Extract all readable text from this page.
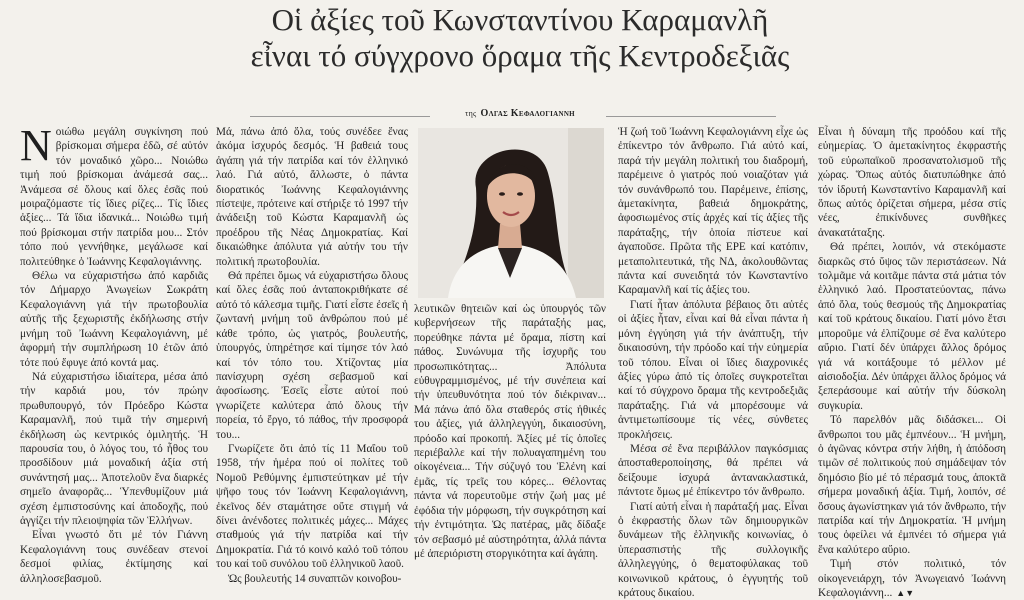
Οἱ ἀξίες τοῦ Κωνσταντίνου Καραμανλῆ
εἶναι τό σύγχρονο ὅραμα τῆς Κεντροδεξιᾶς
της Ολγας Κεφαλογιαννη

Νοιώθω μεγάλη συγκίνηση πού βρίσκομαι σήμερα ἐδῶ, σέ αὐτόν τόν μοναδικό χῶρο... Νοιώθω τιμή πού βρίσκομαι ἀνάμεσά σας... Ἀνάμεσα σέ ὅλους καί ὅλες ἐσᾶς πού μοιραζόμαστε τίς ἴδιες ρίζες... Τίς ἴδιες ἀξίες... Τά ἴδια ἰδανικά... Νοιώθω τιμή πού βρίσκομαι στήν πατρίδα μου... Στόν τόπο πού γεννήθηκε, μεγάλωσε καί πολιτεύθηκε ὁ Ἰωάννης Κεφαλογιάννης.

Θέλω να εὐχαριστήσω ἀπό καρδιᾶς τόν Δήμαρχο Ἀνωγείων Σωκράτη Κεφαλογιάννη γιά τήν πρωτοβουλία αὐτῆς τῆς ξεχωριστῆς ἐκδήλωσης στήν μνήμη τοῦ Ἰωάννη Κεφαλογιάννη, μέ ἀφορμή τήν συμπλήρωση 10 ἐτῶν ἀπό τότε πού ἔφυγε ἀπό κοντά μας.

Νά εὐχαριστήσω ἰδιαίτερα, μέσα ἀπό τήν καρδιά μου, τόν πρώην πρωθυπουργό, τόν Πρόεδρο Κώστα Καραμανλῆ, πού τιμᾶ τήν σημερινή ἐκδήλωση ὡς κεντρικός ὁμιλητής. Ἡ παρουσία του, ὁ λόγος του, τό ἦθος του προσδίδουν μιά μοναδική ἀξία στή συνάντησή μας... Ἀποτελοῦν ἕνα διαρκές σημεῖο ἀναφορᾶς... Ὑπενθυμίζουν μιά σχέση ἐμπιστοσύνης καί ἀποδοχῆς, πού ἀγγίζει τήν πλειοψηφία τῶν Ἑλλήνων.

Εἶναι γνωστό ὅτι μέ τόν Γιάννη Κεφαλογιάννη τους συνέδεαν στενοί δεσμοί φιλίας, ἐκτίμησης καί ἀλληλοσεβασμοῦ.

Μά, πάνω ἀπό ὅλα, τούς συνέδεε ἕνας ἀκόμα ἰσχυρός δεσμός. Ἡ βαθειά τους ἀγάπη γιά τήν πατρίδα καί τόν ἑλληνικό λαό. Γιά αὐτό, ἄλλωστε, ὁ πάντα διορατικός Ἰωάννης Κεφαλογιάννης πίστεψε, πρότεινε καί στήριξε τό 1997 τήν ἀνάδειξη τοῦ Κώστα Καραμανλῆ ὡς προέδρου τῆς Νέας Δημοκρατίας. Καί δικαιώθηκε ἀπόλυτα γιά αὐτήν του τήν πολιτική πρωτοβουλία.

Θά πρέπει ὅμως νά εὐχαριστήσω ὅλους καί ὅλες ἐσᾶς πού ἀνταποκριθήκατε σέ αὐτό τό κάλεσμα τιμῆς. Γιατί εἶστε ἐσεῖς ἡ ζωντανή μνήμη τοῦ ἀνθρώπου πού μέ κάθε τρόπο, ὡς γιατρός, βουλευτής, ὑπουργός, ὑπηρέτησε καί τίμησε τόν λαό καί τόν τόπο του. Χτίζοντας μία πανίσχυρη σχέση σεβασμοῦ καί ἀφοσίωσης. Ἐσεῖς εἶστε αὐτοί πού γνωρίζετε καλύτερα ἀπό ὅλους τήν πορεία, τό ἔργο, τό πάθος, τήν προσφορά του...

Γνωρίζετε ὅτι ἀπό τίς 11 Μαΐου τοῦ 1958, τήν ἡμέρα πού οἱ πολίτες τοῦ Νομοῦ Ρεθύμνης ἐμπιστεύτηκαν μέ τήν ψῆφο τους τόν Ἰωάννη Κεφαλογιάννη, ἐκεῖνος δέν σταμάτησε οὔτε στιγμή νά δίνει ἀνένδοτες πολιτικές μάχες... Μάχες σταθμούς γιά τήν πατρίδα καί τήν Δημοκρατία. Γιά τό κοινό καλό τοῦ τόπου του καί τοῦ συνόλου τοῦ ἑλληνικοῦ λαοῦ.

Ὡς βουλευτής 14 συναπτῶν κοινοβου-

λευτικῶν θητειῶν καί ὡς ὑπουργός τῶν κυβερνήσεων τῆς παράταξής μας, πορεύθηκε πάντα μέ ὅραμα, πίστη καί πάθος. Συνώνυμα τῆς ἰσχυρῆς του προσωπικότητας... Ἀπόλυτα εὐθυγραμμισμένος, μέ τήν συνέπεια καί τήν ὑπευθυνότητα πού τόν διέκριναν... Μά πάνω ἀπό ὅλα σταθερός στίς ἠθικές του ἀξίες, γιά ἀλληλεγγύη, δικαιοσύνη, πρόοδο καί προκοπή. Ἀξίες μέ τίς ὁποῖες περιέβαλλε καί τήν πολυαγαπημένη του οἰκογένεια... Τήν σύζυγό του Ἑλένη καί ἐμᾶς, τίς τρεῖς του κόρες... Θέλοντας πάντα νά πορευτοῦμε στήν ζωή μας μέ ἐφόδια τήν μόρφωση, τήν συγκρότηση καί τήν ἐντιμότητα. Ὡς πατέρας, μᾶς δίδαξε τόν σεβασμό μέ αὐστηρότητα, ἀλλά πάντα μέ ἀπεριόριστη στοργικότητα καί ἀγάπη.

Ἡ ζωή τοῦ Ἰωάννη Κεφαλογιάννη εἶχε ὡς ἐπίκεντρο τόν ἄνθρωπο. Γιά αὐτό καί, παρά τήν μεγάλη πολιτική του διαδρομή, παρέμεινε ὁ γιατρός πού νοιαζόταν γιά τόν συνάνθρωπό του. Παρέμεινε, ἐπίσης, ἀμετακίνητα, βαθειά δημοκράτης, ἀφοσιωμένος στίς ἀρχές καί τίς ἀξίες τῆς παράταξης, τήν ὁποία πίστευε καί ἀγαποῦσε. Πρῶτα τῆς ΕΡΕ καί κατόπιν, μεταπολιτευτικά, τῆς ΝΔ, ἀκολουθῶντας πάντα καί συνειδητά τόν Κωνσταντίνο Καραμανλῆ καί τίς ἀξίες του.

Γιατί ἦταν ἀπόλυτα βέβαιος ὅτι αὐτές οἱ ἀξίες ἦταν, εἶναι καί θά εἶναι πάντα ἡ μόνη ἐγγύηση γιά τήν ἀνάπτυξη, τήν δικαιοσύνη, τήν πρόοδο καί τήν εὐημερία τοῦ τόπου. Εἶναι οἱ ἴδιες διαχρονικές ἀξίες γύρω ἀπό τίς ὁποῖες συγκροτεῖται καί τό σύγχρονο ὅραμα τῆς κεντροδεξιᾶς παράταξης. Γιά νά μπορέσουμε νά ἀντιμετωπίσουμε τίς νέες, σύνθετες προκλήσεις.

Μέσα σέ ἕνα περιβάλλον παγκόσμιας ἀποσταθεροποίησης, θά πρέπει νά δείξουμε ἰσχυρά ἀντανακλαστικά, πάντοτε ὅμως μέ ἐπίκεντρο τόν ἄνθρωπο.

Γιατί αὐτή εἶναι ἡ παράταξή μας. Εἶναι ὁ ἐκφραστής ὅλων τῶν δημιουργικῶν δυνάμεων τῆς ἑλληνικῆς κοινωνίας, ὁ ὑπερασπιστής τῆς συλλογικῆς ἀλληλεγγύης, ὁ θεματοφύλακας τοῦ κοινωνικοῦ κράτους, ὁ ἐγγυητής τοῦ κράτους δικαίου.

Εἶναι ἡ δύναμη τῆς προόδου καί τῆς εὐημερίας. Ὁ ἀμετακίνητος ἐκφραστής τοῦ εὐρωπαϊκοῦ προσανατολισμοῦ τῆς χώρας. Ὅπως αὐτός διατυπώθηκε ἀπό τόν ἱδρυτή Κωνσταντίνο Καραμανλῆ καί ὅπως αὐτός ὁρίζεται σήμερα, μέσα στίς νέες, ἐπικίνδυνες συνθῆκες ἀνακατάταξης.

Θά πρέπει, λοιπόν, νά στεκόμαστε διαρκῶς στό ὕψος τῶν περιστάσεων. Νά τολμᾶμε νά κοιτᾶμε πάντα στά μάτια τόν ἑλληνικό λαό. Προστατεύοντας, πάνω ἀπό ὅλα, τούς θεσμούς τῆς Δημοκρατίας καί τοῦ κράτους δικαίου. Γιατί μόνο ἔτσι μποροῦμε νά ἐλπίζουμε σέ ἕνα καλύτερο αὔριο. Γιατί δέν ὑπάρχει ἄλλος δρόμος γιά νά κοιτάξουμε τό μέλλον μέ αἰσιοδοξία. Δέν ὑπάρχει ἄλλος δρόμος νά ξεπεράσουμε καί αὐτήν τήν δύσκολη συγκυρία.

Τό παρελθόν μᾶς διδάσκει... Οἱ ἄνθρωποι του μᾶς ἐμπνέουν... Ἡ μνήμη, ὁ ἀγῶνας κόντρα στήν λήθη, ἡ ἀπόδοση τιμῶν σέ πολιτικούς πού σημάδεψαν τόν δημόσιο βίο μέ τό πέρασμά τους, ἀποκτᾶ σήμερα μοναδική ἀξία. Τιμή, λοιπόν, σέ ὅσους ἀγωνίστηκαν γιά τόν ἄνθρωπο, τήν πατρίδα καί τήν Δημοκρατία. Ἡ μνήμη τους ὀφείλει νά ἐμπνέει τό σήμερα γιά ἕνα καλύτερο αὔριο.

Τιμή στόν πολιτικό, τόν οἰκογενειάρχη, τόν Ἀνωγειανό Ἰωάννη Κεφαλογιάννη... ▲▼
